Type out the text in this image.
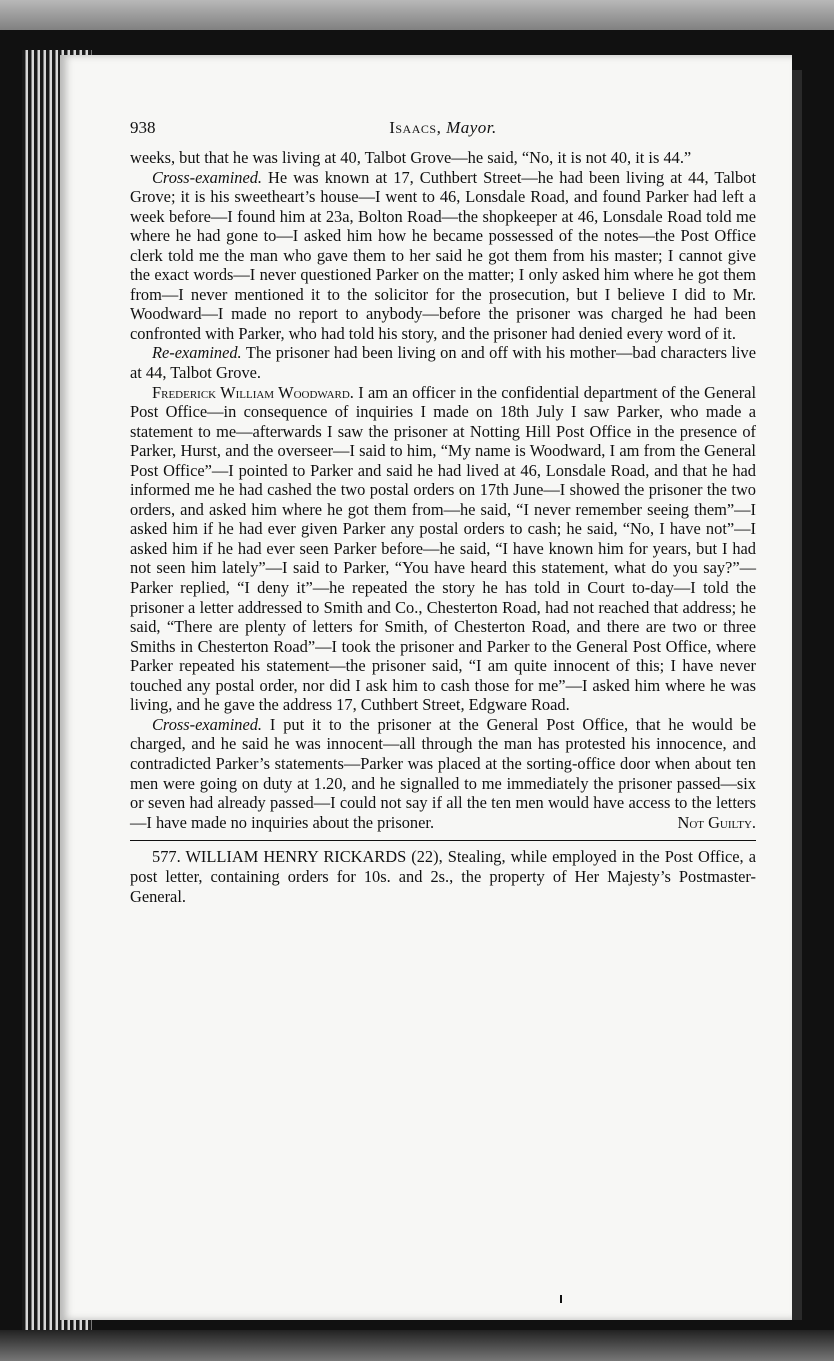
938	Isaacs, Mayor.

weeks, but that he was living at 40, Talbot Grove—he said, “No, it is not 40, it is 44.”

Cross-examined. He was known at 17, Cuthbert Street—he had been living at 44, Talbot Grove; it is his sweetheart’s house—I went to 46, Lonsdale Road, and found Parker had left a week before—I found him at 23a, Bolton Road—the shopkeeper at 46, Lonsdale Road told me where he had gone to—I asked him how he became possessed of the notes—the Post Office clerk told me the man who gave them to her said he got them from his master; I cannot give the exact words—I never questioned Parker on the matter; I only asked him where he got them from—I never mentioned it to the solicitor for the prosecution, but I believe I did to Mr. Woodward—I made no report to anybody—before the prisoner was charged he had been confronted with Parker, who had told his story, and the prisoner had denied every word of it.

Re-examined. The prisoner had been living on and off with his mother—bad characters live at 44, Talbot Grove.

Frederick William Woodward. I am an officer in the confidential department of the General Post Office—in consequence of inquiries I made on 18th July I saw Parker, who made a statement to me—afterwards I saw the prisoner at Notting Hill Post Office in the presence of Parker, Hurst, and the overseer—I said to him, “My name is Woodward, I am from the General Post Office”—I pointed to Parker and said he had lived at 46, Lonsdale Road, and that he had informed me he had cashed the two postal orders on 17th June—I showed the prisoner the two orders, and asked him where he got them from—he said, “I never remember seeing them”—I asked him if he had ever given Parker any postal orders to cash; he said, “No, I have not”—I asked him if he had ever seen Parker before—he said, “I have known him for years, but I had not seen him lately”—I said to Parker, “You have heard this statement, what do you say?”—Parker replied, “I deny it”—he repeated the story he has told in Court to-day—I told the prisoner a letter addressed to Smith and Co., Chesterton Road, had not reached that address; he said, “There are plenty of letters for Smith, of Chesterton Road, and there are two or three Smiths in Chesterton Road”—I took the prisoner and Parker to the General Post Office, where Parker repeated his statement—the prisoner said, “I am quite innocent of this; I have never touched any postal order, nor did I ask him to cash those for me”—I asked him where he was living, and he gave the address 17, Cuthbert Street, Edgware Road.

Cross-examined. I put it to the prisoner at the General Post Office, that he would be charged, and he said he was innocent—all through the man has protested his innocence, and contradicted Parker’s statements—Parker was placed at the sorting-office door when about ten men were going on duty at 1.20, and he signalled to me immediately the prisoner passed—six or seven had already passed—I could not say if all the ten men would have access to the letters—I have made no inquiries about the prisoner.	Not Guilty.

577. WILLIAM HENRY RICKARDS (22), Stealing, while employed in the Post Office, a post letter, containing orders for 10s. and 2s., the property of Her Majesty’s Postmaster-General.
